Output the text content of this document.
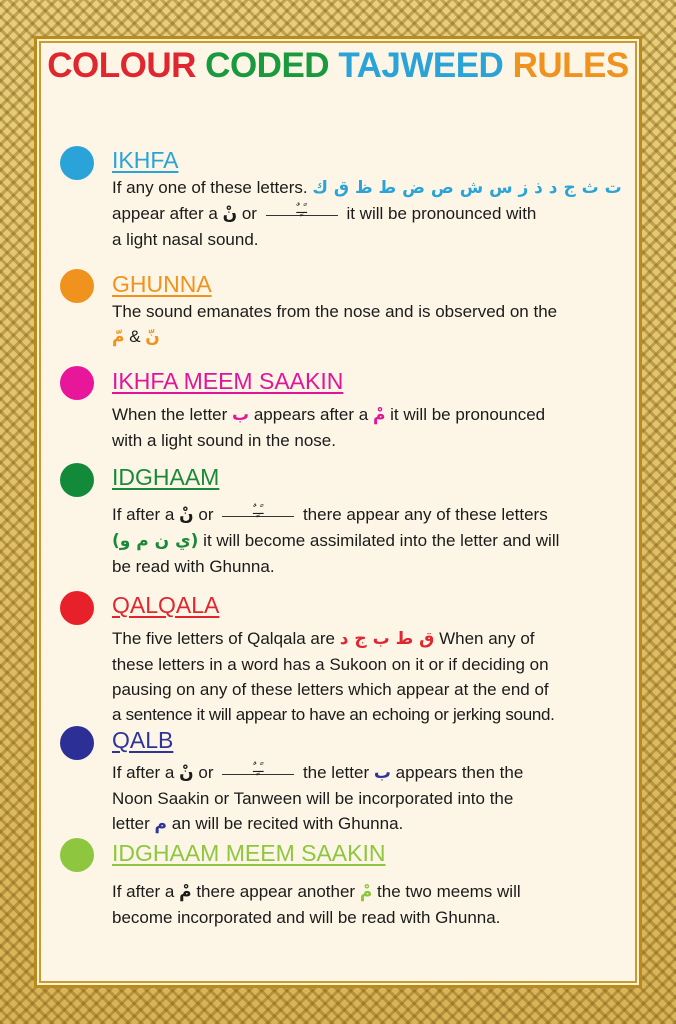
COLOUR CODED TAJWEED RULES
IKHFA

If any one of these letters. ت ث ج د ذ ز س ش ص ض ط ظ ق ك
appear after a نْ or	ـًـٍـٌ it will be pronounced with
a light nasal sound.

GHUNNA

The sound emanates from the nose and is observed on the
نّ & مّ

IKHFA MEEM SAAKIN

When the letter ب appears after a مْ it will be pronounced
with a light sound in the nose.

IDGHAAM

If after a نْ or	ـًـٍـٌ there appear any of these letters
(ي ن م و) it will become assimilated into the letter and will
be read with Ghunna.

QALQALA

The five letters of Qalqala are ق ط ب ج د When any of
these letters in a word has a Sukoon on it or if deciding on
pausing on any of these letters which appear at the end of
a sentence it will appear to have an echoing or jerking sound.

QALB

If after a نْ or	ـًـٍـٌ the letter ب appears then the
Noon Saakin or Tanween will be incorporated into the
letter م an will be recited with Ghunna.

IDGHAAM MEEM SAAKIN

If after a مْ there appear another مْ the two meems will
become incorporated and will be read with Ghunna.
